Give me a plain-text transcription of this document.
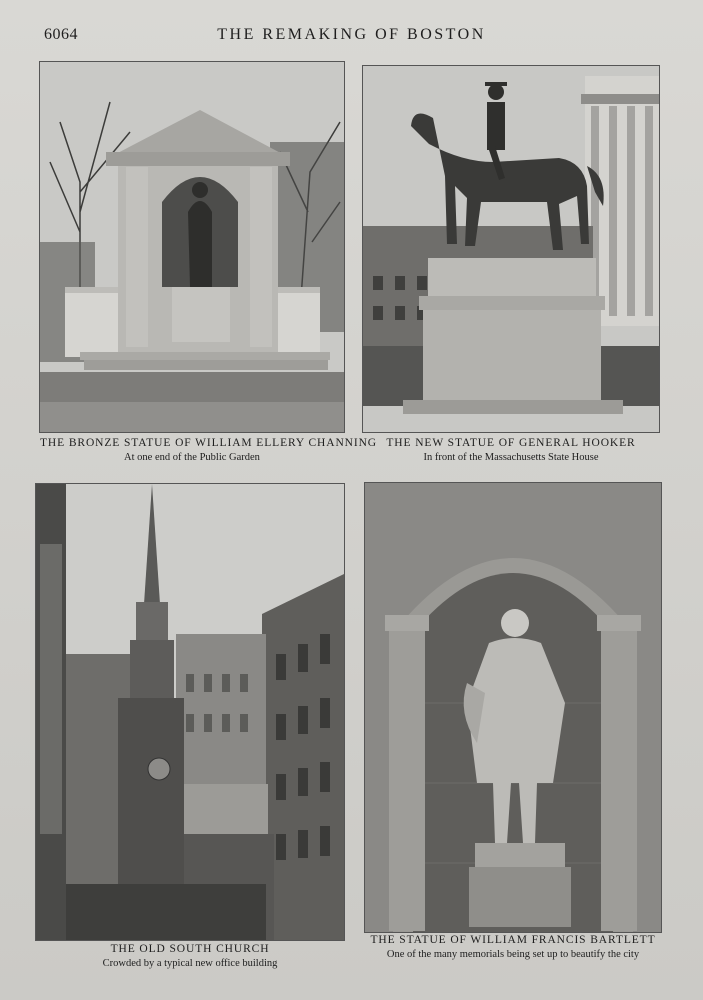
6064	THE REMAKING OF BOSTON
THE BRONZE STATUE OF WILLIAM ELLERY CHANNING
At one end of the Public Garden
THE NEW STATUE OF GENERAL HOOKER
In front of the Massachusetts State House
THE OLD SOUTH CHURCH
Crowded by a typical new office building
THE STATUE OF WILLIAM FRANCIS BARTLETT
One of the many memorials being set up to beautify the city
